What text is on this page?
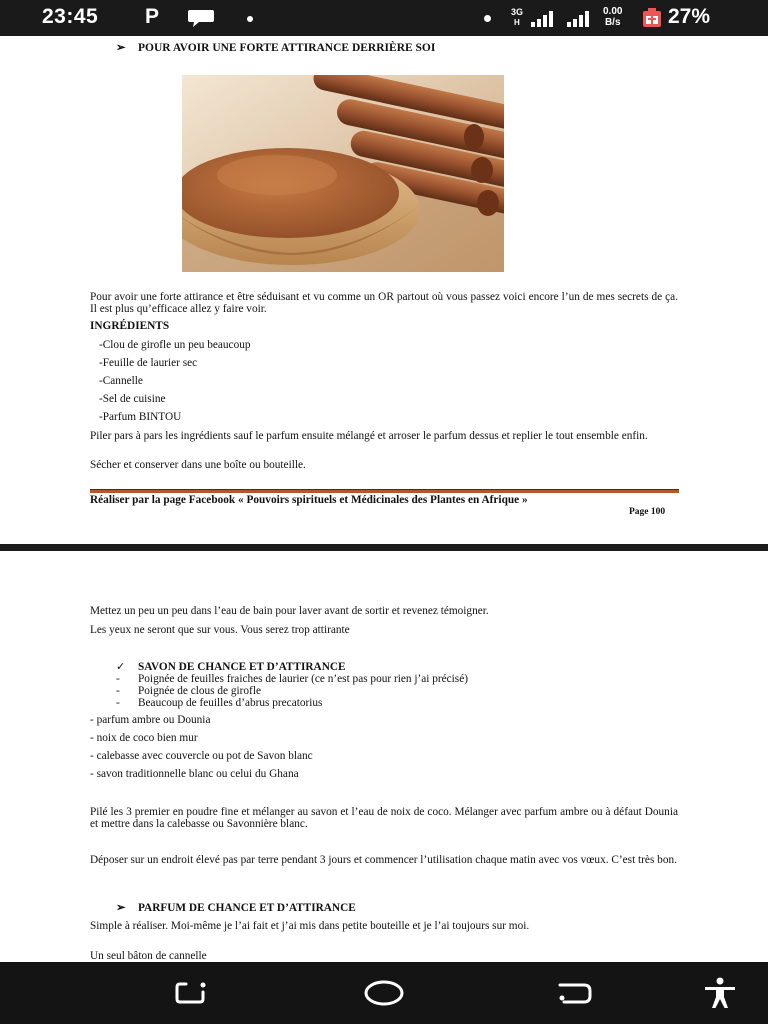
23:45 P	3G
H
0.00
B/s 27%
➢ POUR AVOIR UNE FORTE ATTIRANCE DERRIÈRE SOI
Pour avoir une forte attirance et être séduisant et vu comme un OR partout où vous passez voici encore l’un de mes secrets de ça. Il est plus qu’efficace allez y faire voir.
INGRÉDIENTS
-Clou de girofle un peu beaucoup
-Feuille de laurier sec
-Cannelle
-Sel de cuisine
-Parfum BINTOU
Piler pars à pars les ingrédients sauf le parfum ensuite mélangé et arroser le parfum dessus et replier le tout ensemble enfin.
Sécher et conserver dans une boîte ou bouteille.
Réaliser par la page Facebook « Pouvoirs spirituels et Médicinales des Plantes en Afrique »
Page 100
Mettez un peu un peu dans l’eau de bain pour laver avant de sortir et revenez témoigner.
Les yeux ne seront que sur vous. Vous serez trop attirante
✓ SAVON DE CHANCE ET D’ATTIRANCE
- Poignée de feuilles fraiches de laurier (ce n’est pas pour rien j’ai précisé)
- Poignée de clous de girofle
- Beaucoup de feuilles d’abrus precatorius
- parfum ambre ou Dounia
- noix de coco bien mur
- calebasse avec couvercle ou pot de Savon blanc
- savon traditionnelle blanc ou celui du Ghana
Pilé les 3 premier en poudre fine et mélanger au savon et l’eau de noix de coco. Mélanger avec parfum ambre ou à défaut Dounia et mettre dans la calebasse ou Savonnière blanc.
Déposer sur un endroit élevé pas par terre pendant 3 jours et commencer l’utilisation chaque matin avec vos vœux. C’est très bon.
➢ PARFUM DE CHANCE ET D’ATTIRANCE
Simple à réaliser. Moi-même je l’ai fait et j’ai mis dans petite bouteille et je l’ai toujours sur moi.
Un seul bâton de cannelle
